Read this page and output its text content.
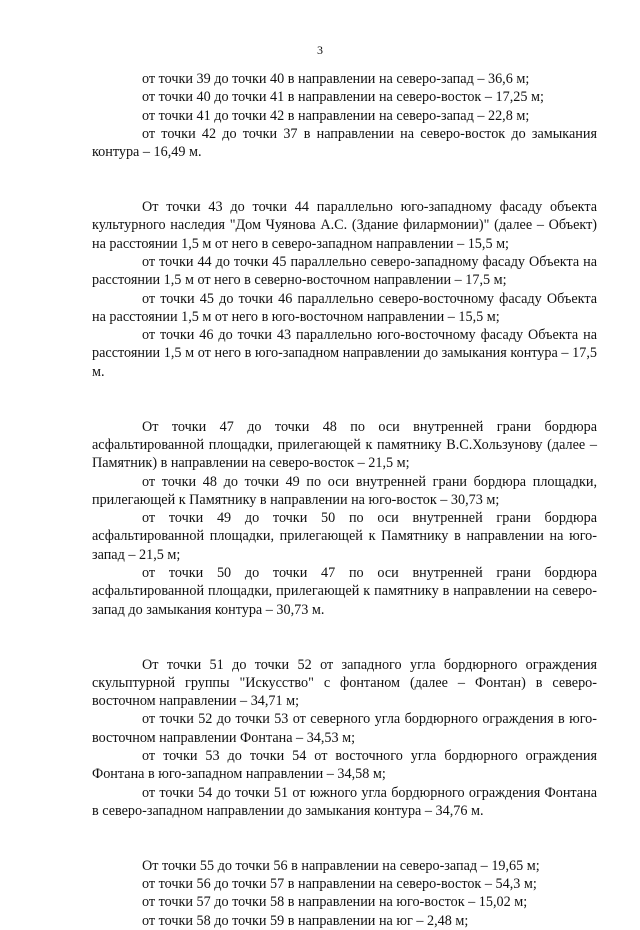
3

от точки 39 до точки 40 в направлении на северо-запад – 36,6 м;

от точки 40 до точки 41 в направлении на северо-восток – 17,25 м;

от точки 41 до точки 42 в направлении на северо-запад – 22,8 м;

от точки 42 до точки 37 в направлении на северо-восток до замыкания контура – 16,49 м.

От точки 43 до точки 44 параллельно юго-западному фасаду объекта культурного наследия "Дом Чуянова А.С. (Здание филармонии)" (далее – Объект) на расстоянии 1,5 м от него в северо-западном направлении – 15,5 м;

от точки 44 до точки 45 параллельно северо-западному фасаду Объекта на расстоянии 1,5 м от него в северно-восточном направлении – 17,5 м;

от точки 45 до точки 46 параллельно северо-восточному фасаду Объекта на расстоянии 1,5 м от него в юго-восточном направлении – 15,5 м;

от точки 46 до точки 43 параллельно юго-восточному фасаду Объекта на расстоянии 1,5 м от него в юго-западном направлении до замыкания контура – 17,5 м.

От точки 47 до точки 48 по оси внутренней грани бордюра асфальтированной площадки, прилегающей к памятнику В.С.Хользунову (далее – Памятник) в направлении на северо-восток – 21,5 м;

от точки 48 до точки 49 по оси внутренней грани бордюра площадки, прилегающей к Памятнику в направлении на юго-восток – 30,73 м;

от точки 49 до точки 50 по оси внутренней грани бордюра асфальтированной площадки, прилегающей к Памятнику в направлении на юго-запад – 21,5 м;

от точки 50 до точки 47 по оси внутренней грани бордюра асфальтированной площадки, прилегающей к памятнику в направлении на северо-запад до замыкания контура – 30,73 м.

От точки 51 до точки 52 от западного угла бордюрного ограждения скульптурной группы "Искусство" с фонтаном (далее – Фонтан) в северо-восточном направлении – 34,71 м;

от точки 52 до точки 53 от северного угла бордюрного ограждения в юго-восточном направлении Фонтана – 34,53 м;

от точки 53 до точки 54 от восточного угла бордюрного ограждения Фонтана в юго-западном направлении – 34,58 м;

от точки 54 до точки 51 от южного угла бордюрного ограждения Фонтана в северо-западном направлении до замыкания контура – 34,76 м.

От точки 55 до точки 56 в направлении на северо-запад – 19,65 м;

от точки 56 до точки 57 в направлении на северо-восток – 54,3 м;

от точки 57 до точки 58 в направлении на юго-восток – 15,02 м;

от точки 58 до точки 59 в направлении на юг – 2,48 м;
